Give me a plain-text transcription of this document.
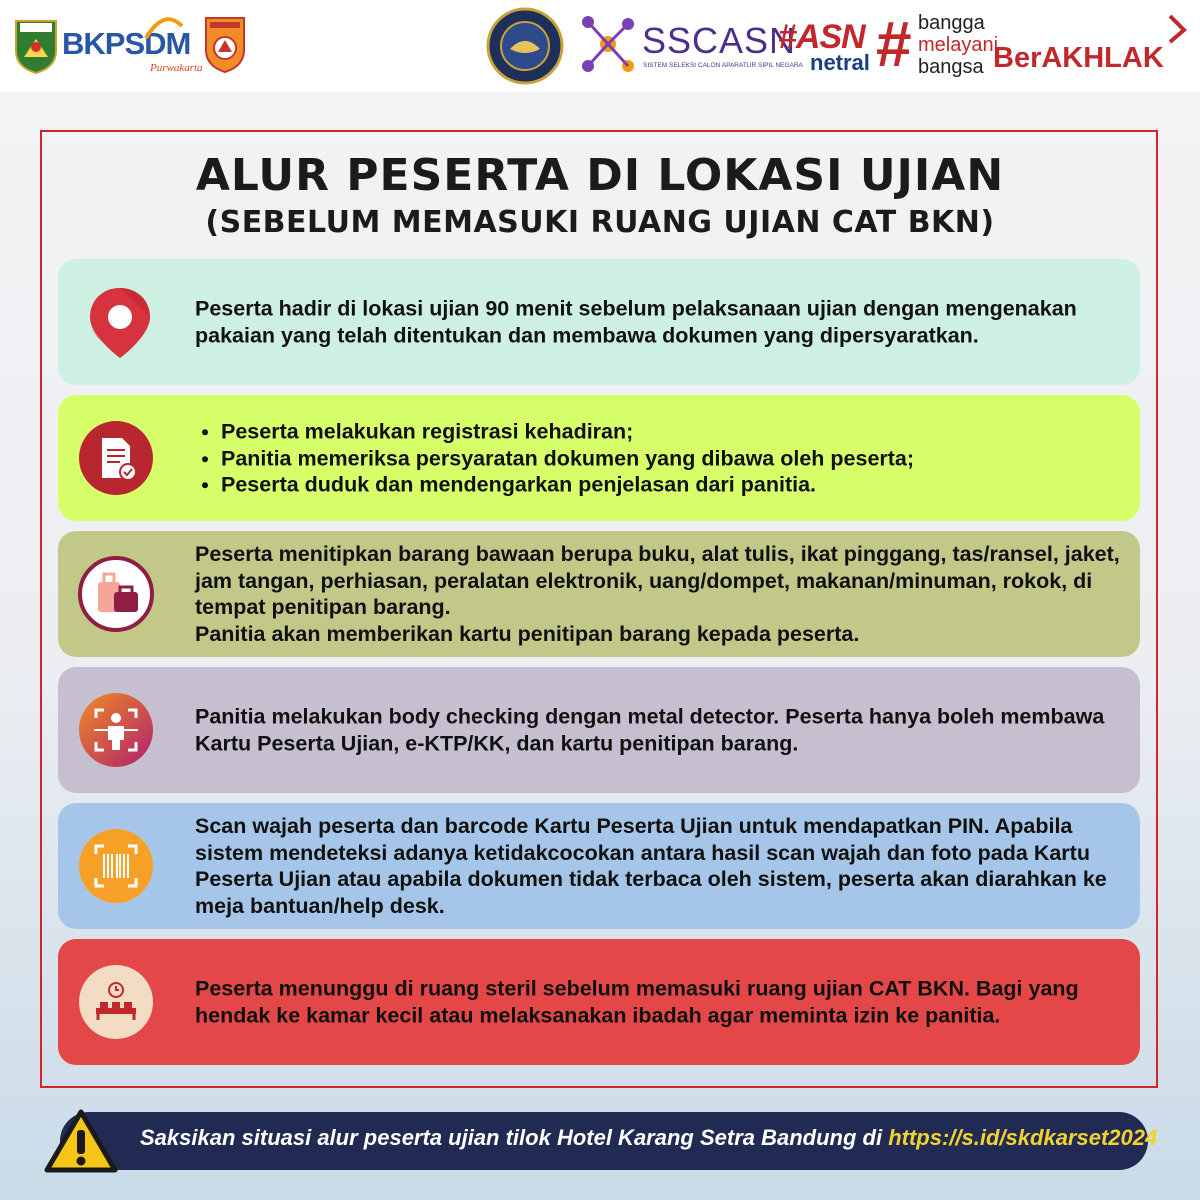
BKPSDM
Purwakarta
SSCASN
SISTEM SELEKSI CALON APARATUR SIPIL NEGARA
#ASN
netral # bangga
melayani
bangsa BerAKHLAK
ALUR PESERTA DI LOKASI UJIAN
(SEBELUM MEMASUKI RUANG UJIAN CAT BKN)
Peserta hadir di lokasi ujian 90 menit sebelum pelaksanaan ujian dengan mengenakan pakaian yang telah ditentukan dan membawa dokumen yang dipersyaratkan.
• Peserta melakukan registrasi kehadiran;
• Panitia memeriksa persyaratan dokumen yang dibawa oleh peserta;
• Peserta duduk dan mendengarkan penjelasan dari panitia.
Peserta menitipkan barang bawaan berupa buku, alat tulis, ikat pinggang, tas/ransel, jaket, jam tangan, perhiasan, peralatan elektronik, uang/dompet, makanan/minuman, rokok, di tempat penitipan barang.
Panitia akan memberikan kartu penitipan barang kepada peserta.
Panitia melakukan body checking dengan metal detector. Peserta hanya boleh membawa Kartu Peserta Ujian, e-KTP/KK, dan kartu penitipan barang.
Scan wajah peserta dan barcode Kartu Peserta Ujian untuk mendapatkan PIN. Apabila sistem mendeteksi adanya ketidakcocokan antara hasil scan wajah dan foto pada Kartu Peserta Ujian atau apabila dokumen tidak terbaca oleh sistem, peserta akan diarahkan ke meja bantuan/help desk.
Peserta menunggu di ruang steril sebelum memasuki ruang ujian CAT BKN. Bagi yang hendak ke kamar kecil atau melaksanakan ibadah agar meminta izin ke panitia.
Saksikan situasi alur peserta ujian tilok Hotel Karang Setra Bandung di https://s.id/skdkarset2024
